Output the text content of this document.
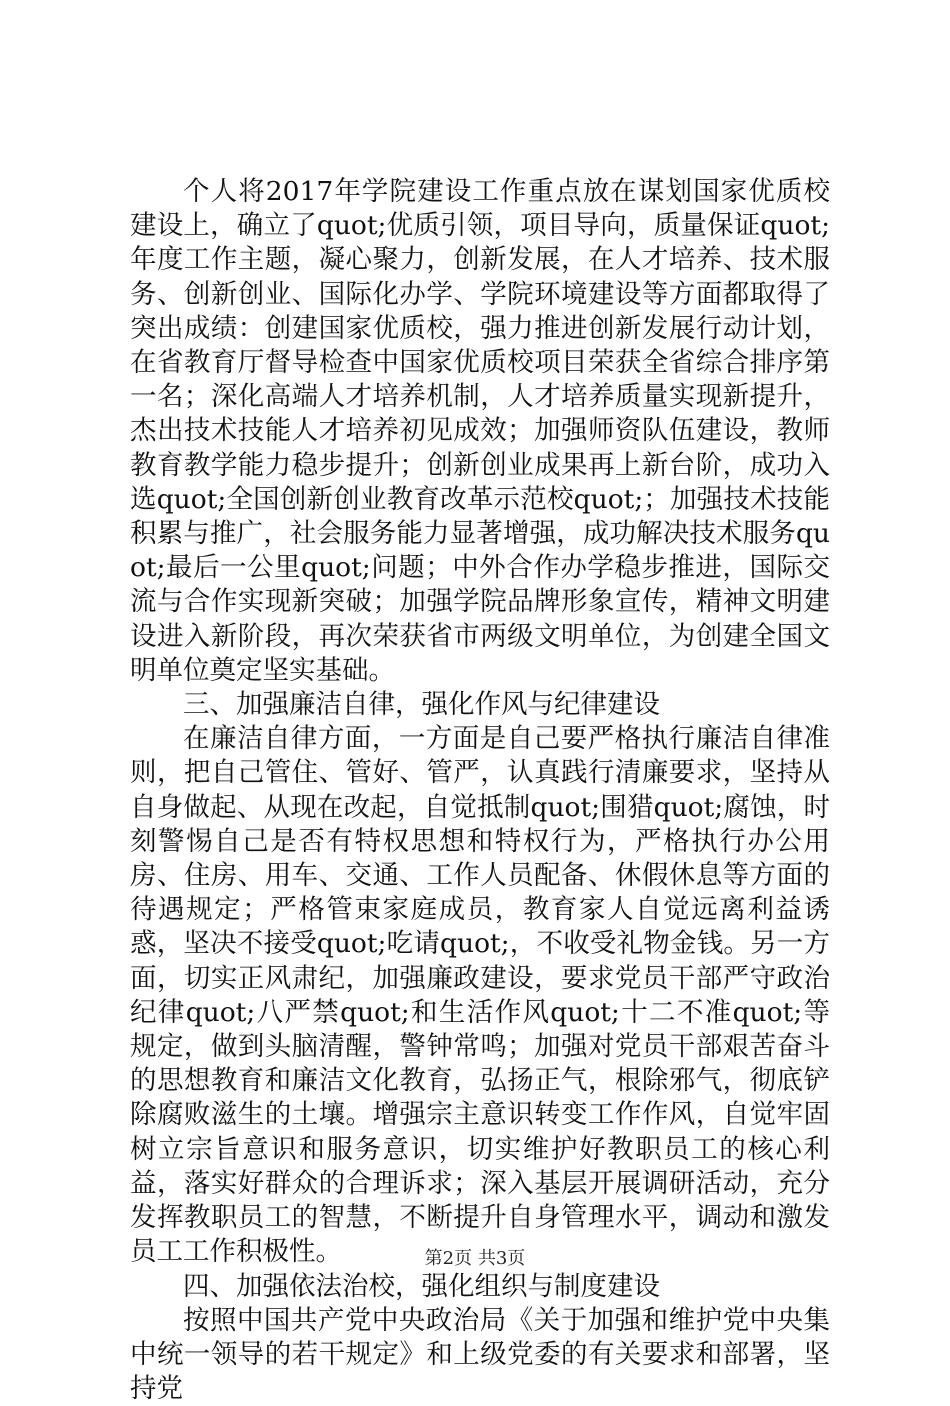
个人将2017年学院建设工作重点放在谋划国家优质校建设上，确立了quot;优质引领，项目导向，质量保证quot;年度工作主题，凝心聚力，创新发展，在人才培养、技术服务、创新创业、国际化办学、学院环境建设等方面都取得了突出成绩：创建国家优质校，强力推进创新发展行动计划，在省教育厅督导检查中国家优质校项目荣获全省综合排序第一名；深化高端人才培养机制，人才培养质量实现新提升，杰出技术技能人才培养初见成效；加强师资队伍建设，教师教育教学能力稳步提升；创新创业成果再上新台阶，成功入选quot;全国创新创业教育改革示范校quot;；加强技术技能积累与推广，社会服务能力显著增强，成功解决技术服务quot;最后一公里quot;问题；中外合作办学稳步推进，国际交流与合作实现新突破；加强学院品牌形象宣传，精神文明建设进入新阶段，再次荣获省市两级文明单位，为创建全国文明单位奠定坚实基础。

三、加强廉洁自律，强化作风与纪律建设

在廉洁自律方面，一方面是自己要严格执行廉洁自律准则，把自己管住、管好、管严，认真践行清廉要求，坚持从自身做起、从现在改起，自觉抵制quot;围猎quot;腐蚀，时刻警惕自己是否有特权思想和特权行为，严格执行办公用房、住房、用车、交通、工作人员配备、休假休息等方面的待遇规定；严格管束家庭成员，教育家人自觉远离利益诱惑，坚决不接受quot;吃请quot;，不收受礼物金钱。另一方面，切实正风肃纪，加强廉政建设，要求党员干部严守政治纪律quot;八严禁quot;和生活作风quot;十二不准quot;等规定，做到头脑清醒，警钟常鸣；加强对党员干部艰苦奋斗的思想教育和廉洁文化教育，弘扬正气，根除邪气，彻底铲除腐败滋生的土壤。增强宗主意识转变工作作风，自觉牢固树立宗旨意识和服务意识，切实维护好教职员工的核心利益，落实好群众的合理诉求；深入基层开展调研活动，充分发挥教职员工的智慧，不断提升自身管理水平，调动和激发员工工作积极性。

四、加强依法治校，强化组织与制度建设

按照中国共产党中央政治局《关于加强和维护党中央集中统一领导的若干规定》和上级党委的有关要求和部署，坚持党

第2页 共3页
